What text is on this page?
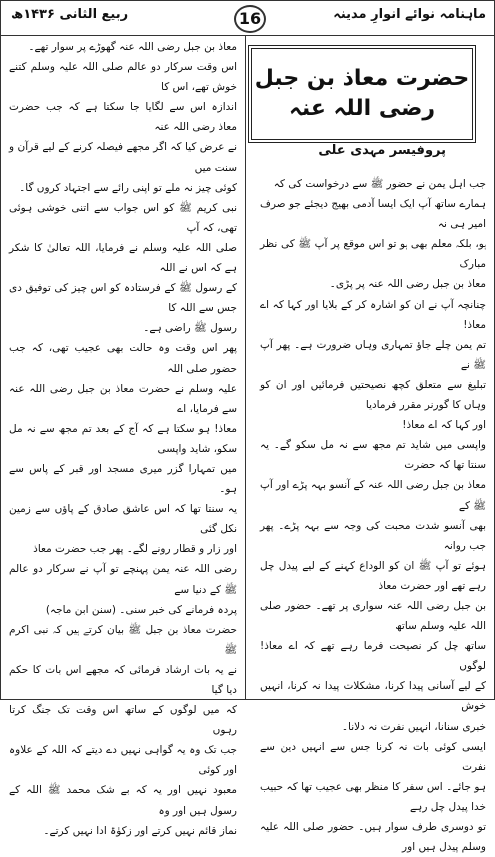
ماہنامہ نوائے انوارِ مدینہ
16
ربیع الثانی ۱۴۳۶ھ
حضرت معاذ بن جبل رضی اللہ عنہ
پروفیسر مہدی علی

جب اہل یمن نے حضور ﷺ سے درخواست کی کہ

ہمارے ساتھ آپ ایک ایسا آدمی بھیج دیجئے جو صرف امیر ہی نہ

ہو، بلکہ معلم بھی ہو تو اس موقع پر آپ ﷺ کی نظر مبارک

معاذ بن جبل رضی اللہ عنہ پر پڑی۔

چنانچہ آپ نے ان کو اشارہ کر کے بلایا اور کہا کہ اے معاذ!

تم یمن چلے جاؤ تمہاری وہاں ضرورت ہے۔ پھر آپ ﷺ نے

تبلیغ سے متعلق کچھ نصیحتیں فرمائیں اور ان کو وہاں کا گورنر مقرر فرمادیا

اور کہا کہ اے معاذ!

واپسی میں شاید تم مجھ سے نہ مل سکو گے۔ یہ سنتا تھا کہ حضرت

معاذ بن جبل رضی اللہ عنہ کے آنسو بہہ پڑے اور آپ ﷺ کے

بھی آنسو شدت محبت کی وجہ سے بہہ پڑے۔ پھر جب روانہ

ہوئے تو آپ ﷺ ان کو الوداع کہنے کے لیے پیدل چل رہے تھے اور حضرت معاذ

بن جبل رضی اللہ عنہ سواری پر تھے۔ حضور صلی اللہ علیہ وسلم ساتھ

ساتھ چل کر نصیحت فرما رہے تھے کہ اے معاذ! لوگوں

کے لیے آسانی پیدا کرنا، مشکلات پیدا نہ کرنا، انہیں خوش

خبری سنانا، انہیں نفرت نہ دلانا۔

ایسی کوئی بات نہ کرنا جس سے انہیں دین سے نفرت

ہو جائے۔ اس سفر کا منظر بھی عجیب تھا کہ حبیب خدا پیدل چل رہے

تو دوسری طرف سوار ہیں۔ حضور صلی اللہ علیہ وسلم پیدل ہیں اور

معاذ بن جبل رضی اللہ عنہ گھوڑے پر سوار تھے۔

اس وقت سرکار دو عالم صلی اللہ علیہ وسلم کتنے خوش تھے، اس کا

اندازہ اس سے لگایا جا سکتا ہے کہ جب حضرت معاذ رضی اللہ عنہ

نے عرض کیا کہ اگر مجھے فیصلہ کرنے کے لیے قرآن و سنت میں

کوئی چیز نہ ملے تو اپنی رائے سے اجتہاد کروں گا۔

نبی کریم ﷺ کو اس جواب سے اتنی خوشی ہوئی تھی، کہ آپ

صلی اللہ علیہ وسلم نے فرمایا، اللہ تعالیٰ کا شکر ہے کہ اس نے اللہ

کے رسول ﷺ کے فرستادہ کو اس چیز کی توفیق دی جس سے اللہ کا

رسول ﷺ راضی ہے۔

پھر اس وقت وہ حالت بھی عجیب تھی، کہ جب حضور صلی اللہ

علیہ وسلم نے حضرت معاذ بن جبل رضی اللہ عنہ سے فرمایا، اے

معاذ! ہو سکتا ہے کہ آج کے بعد تم مجھ سے نہ مل سکو، شاید واپسی

میں تمہارا گزر میری مسجد اور قبر کے پاس سے ہو۔

یہ سنتا تھا کہ اس عاشق صادق کے پاؤں سے زمین نکل گئی

اور زار و قطار رونے لگے۔ پھر جب حضرت معاذ

رضی اللہ عنہ یمن پہنچے تو آپ نے سرکار دو عالم ﷺ کے دنیا سے

پردہ فرمانے کی خبر سنی۔ (سنن ابن ماجہ)

حضرت معاذ بن جبل ﷺ بیان کرتے ہیں کہ نبی اکرم ﷺ

نے یہ بات ارشاد فرمائی کہ مجھے اس بات کا حکم دیا گیا

کہ میں لوگوں کے ساتھ اس وقت تک جنگ کرتا رہوں

جب تک وہ یہ گواہی نہیں دے دیتے کہ اللہ کے علاوہ اور کوئی

معبود نہیں اور یہ کہ بے شک محمد ﷺ اللہ کے رسول ہیں اور وہ

نماز قائم نہیں کرتے اور زکوٰۃ ادا نہیں کرتے۔
